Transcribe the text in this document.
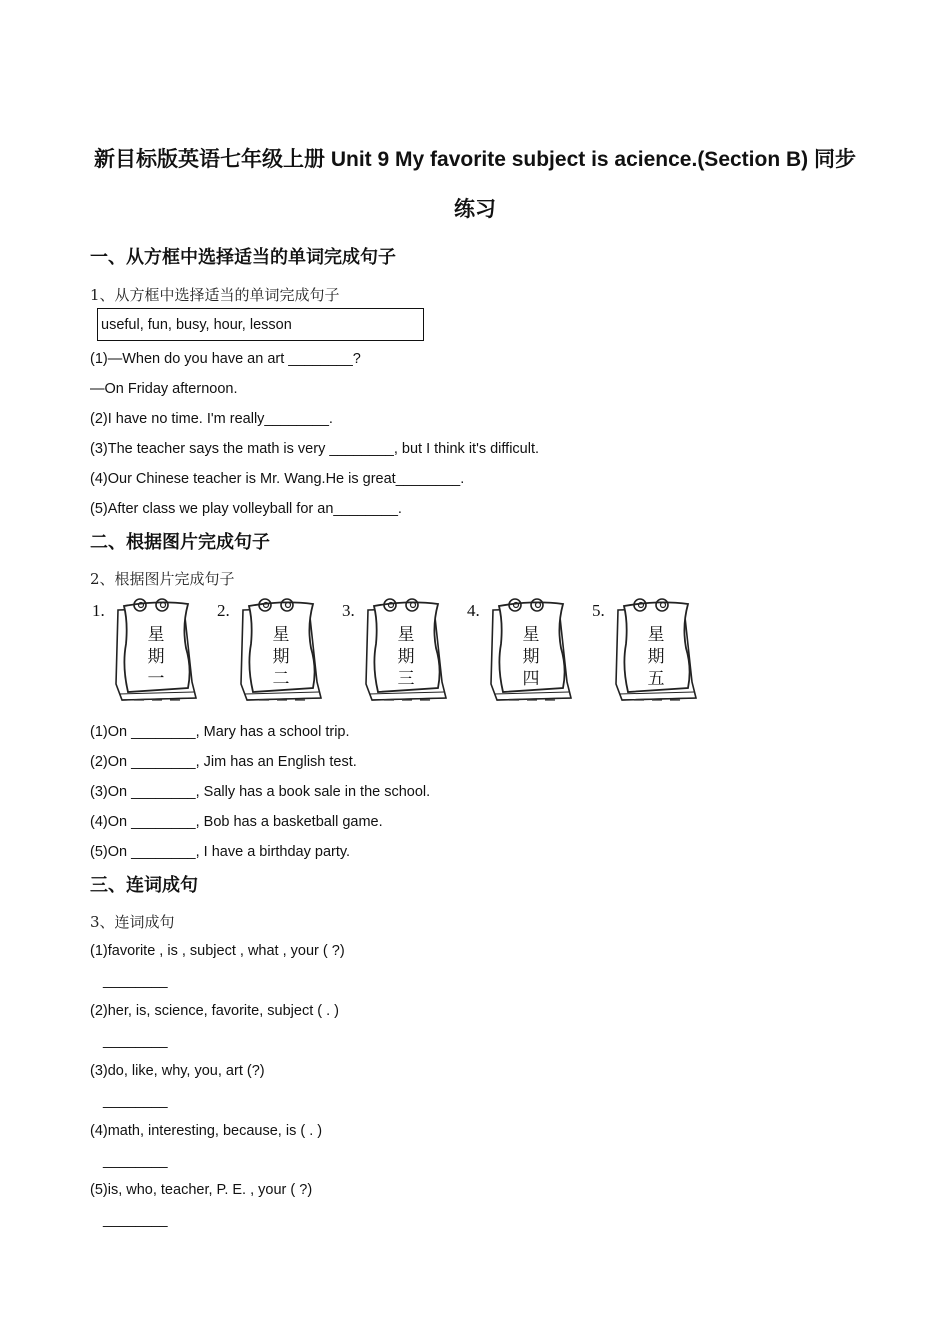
新目标版英语七年级上册 Unit 9 My favorite subject is acience.(Section B) 同步
练习
一、从方框中选择适当的单词完成句子
1、从方框中选择适当的单词完成句子
useful, fun, busy, hour, lesson
(1)—When do you have an art ________?
—On Friday afternoon.
(2)I have no time. I'm really________.
(3)The teacher says the math is very ________, but I think it's difficult.
(4)Our Chinese teacher is Mr. Wang.He is great________.
(5)After class we play volleyball for an________.
二、根据图片完成句子
2、根据图片完成句子
1.
星
期
一
2.
星
期
二
3.
星
期
三
4.
星
期
四
5.
星
期
五
(1)On ________, Mary has a school trip.
(2)On ________, Jim has an English test.
(3)On ________, Sally has a book sale in the school.
(4)On ________, Bob has a basketball game.
(5)On ________, I have a birthday party.
三、连词成句
3、连词成句
(1)favorite , is , subject , what , your ( ?)
________
(2)her, is, science, favorite, subject ( . )
________
(3)do, like, why, you, art (?)
________
(4)math, interesting, because, is ( . )
________
(5)is, who, teacher, P. E. , your ( ?)
________
